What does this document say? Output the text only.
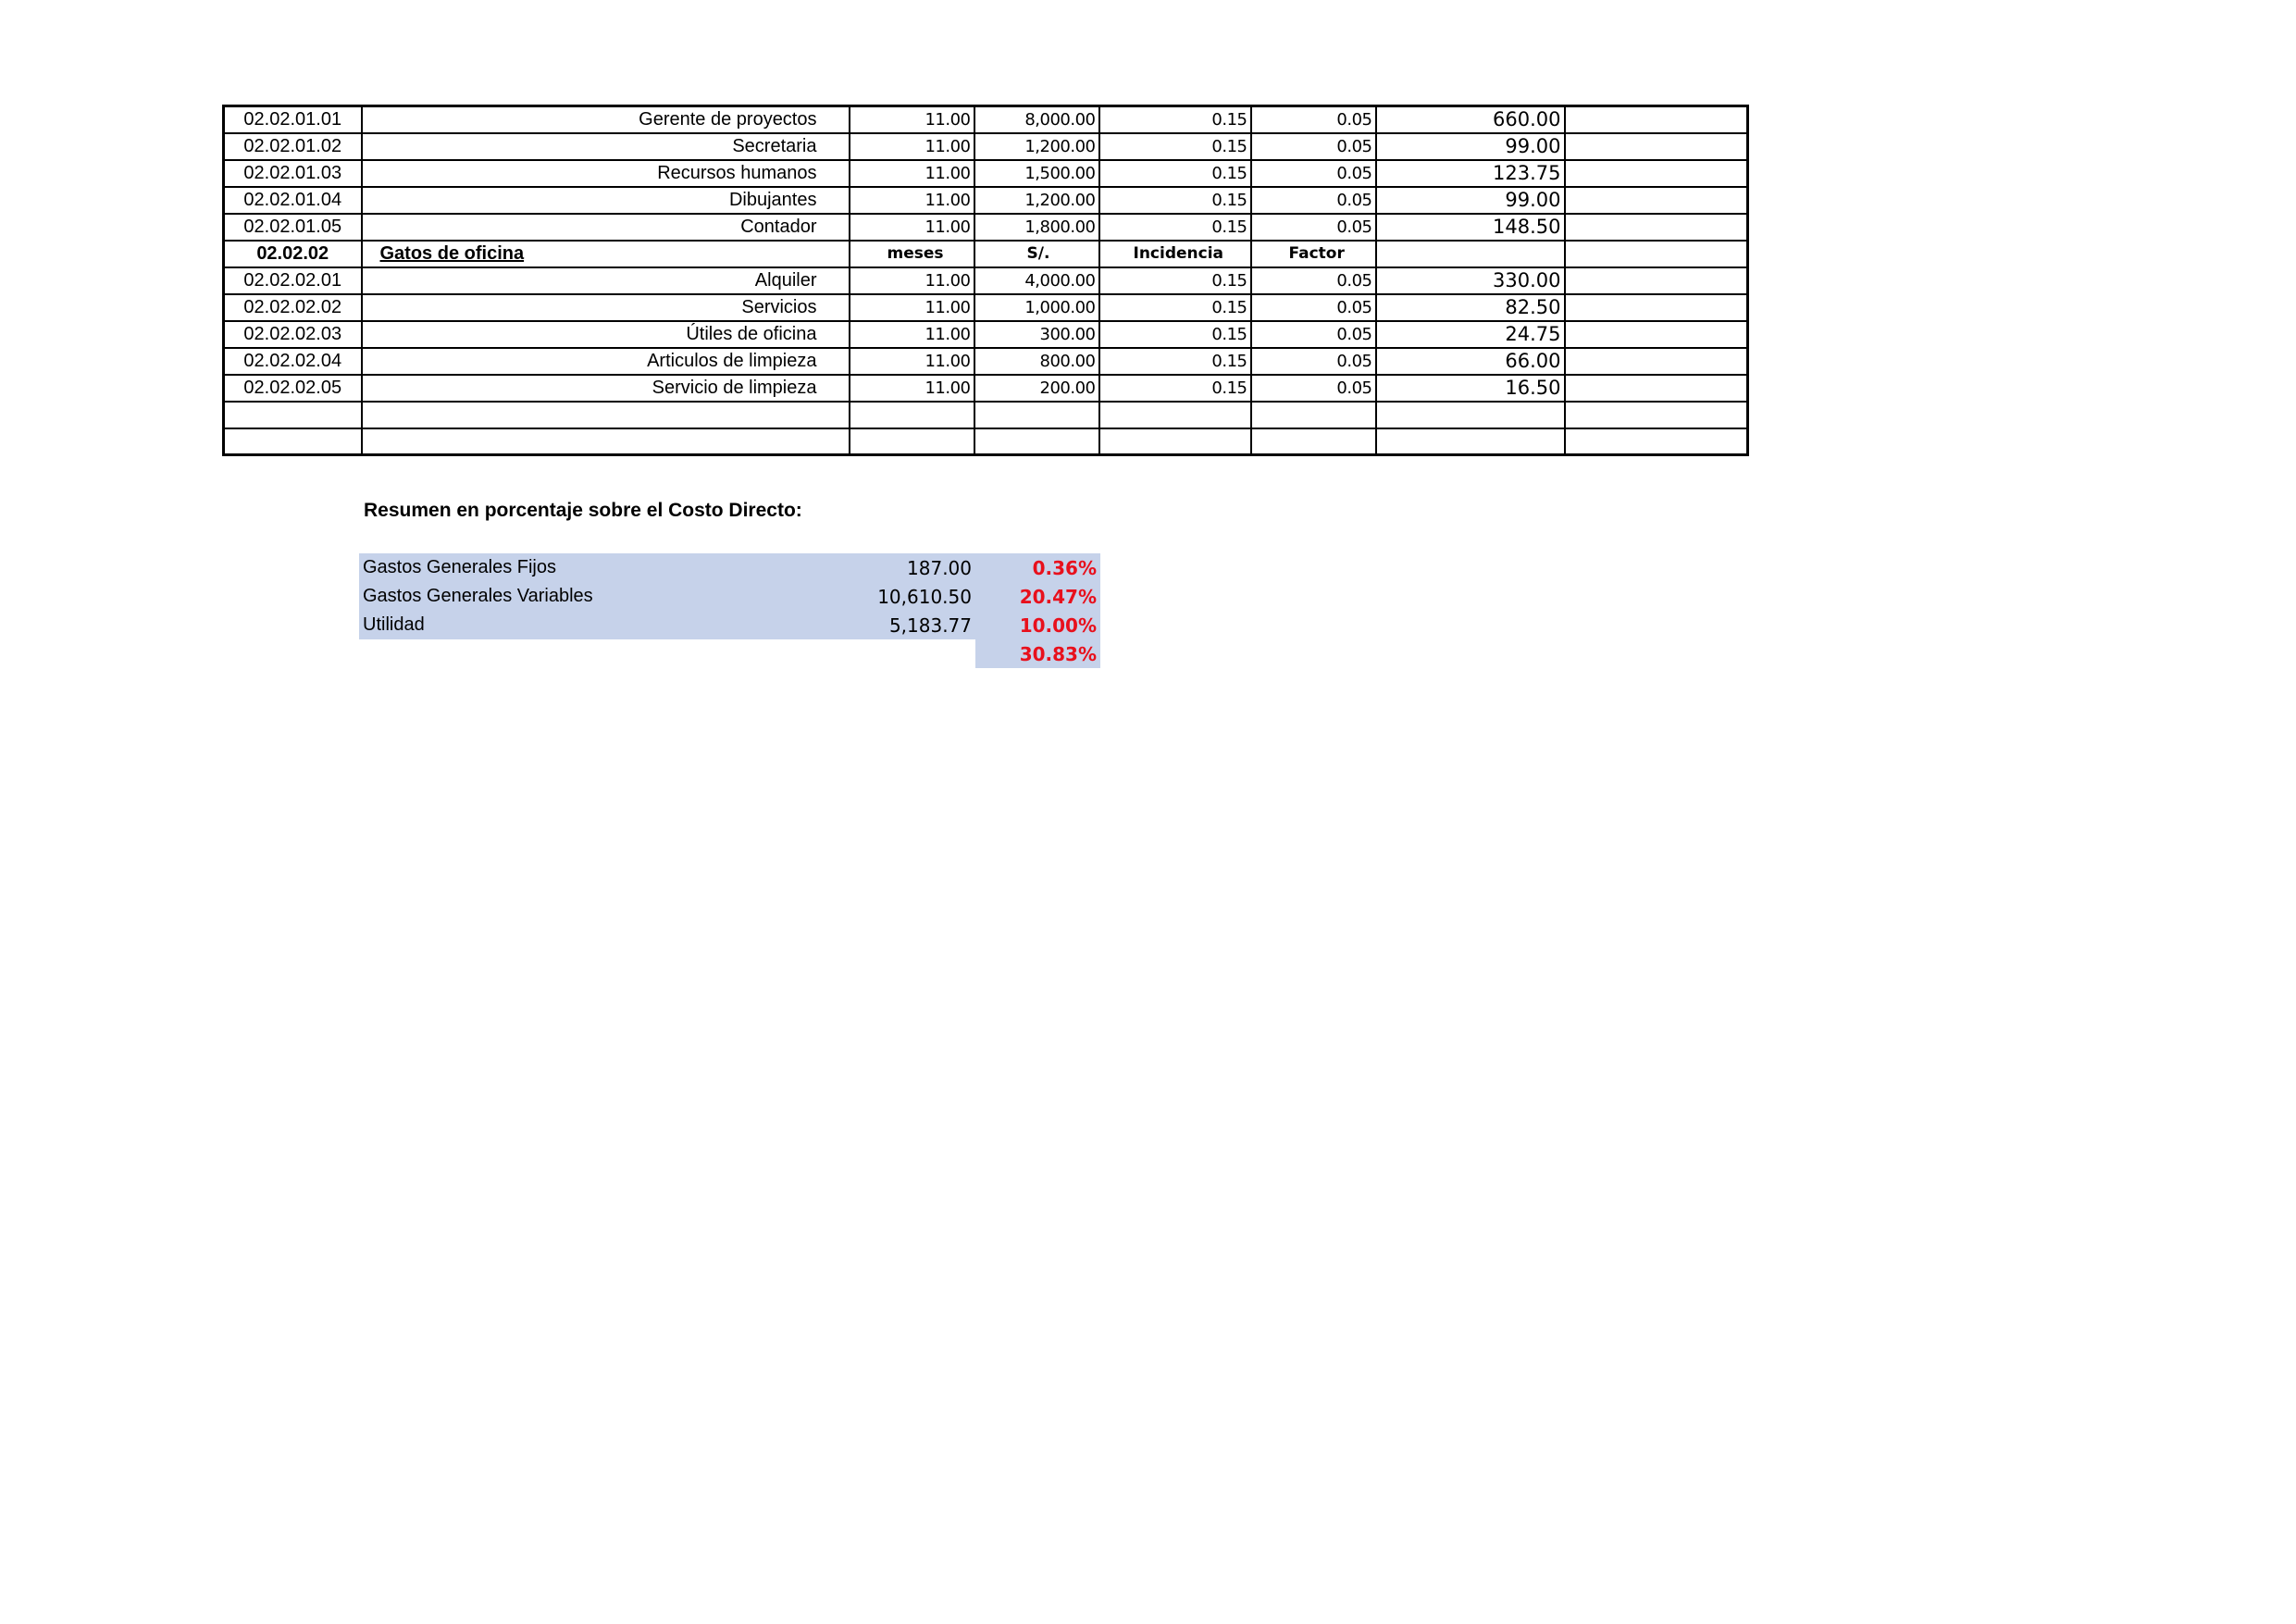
02.02.01.01	Gerente de proyectos	11.00	8,000.00	0.15	0.05	660.00	
02.02.01.02	Secretaria	11.00	1,200.00	0.15	0.05	99.00	
02.02.01.03	Recursos humanos	11.00	1,500.00	0.15	0.05	123.75	
02.02.01.04	Dibujantes	11.00	1,200.00	0.15	0.05	99.00	
02.02.01.05	Contador	11.00	1,800.00	0.15	0.05	148.50	
02.02.02	Gatos de oficina	meses	S/.	Incidencia	Factor		
02.02.02.01	Alquiler	11.00	4,000.00	0.15	0.05	330.00	
02.02.02.02	Servicios	11.00	1,000.00	0.15	0.05	82.50	
02.02.02.03	Útiles de oficina	11.00	300.00	0.15	0.05	24.75	
02.02.02.04	Articulos de limpieza	11.00	800.00	0.15	0.05	66.00	
02.02.02.05	Servicio de limpieza	11.00	200.00	0.15	0.05	16.50	

Resumen en porcentaje sobre el Costo Directo:
Gastos Generales Fijos	187.00	0.36%
Gastos Generales Variables	10,610.50	20.47%
Utilidad	5,183.77	10.00%
		30.83%
